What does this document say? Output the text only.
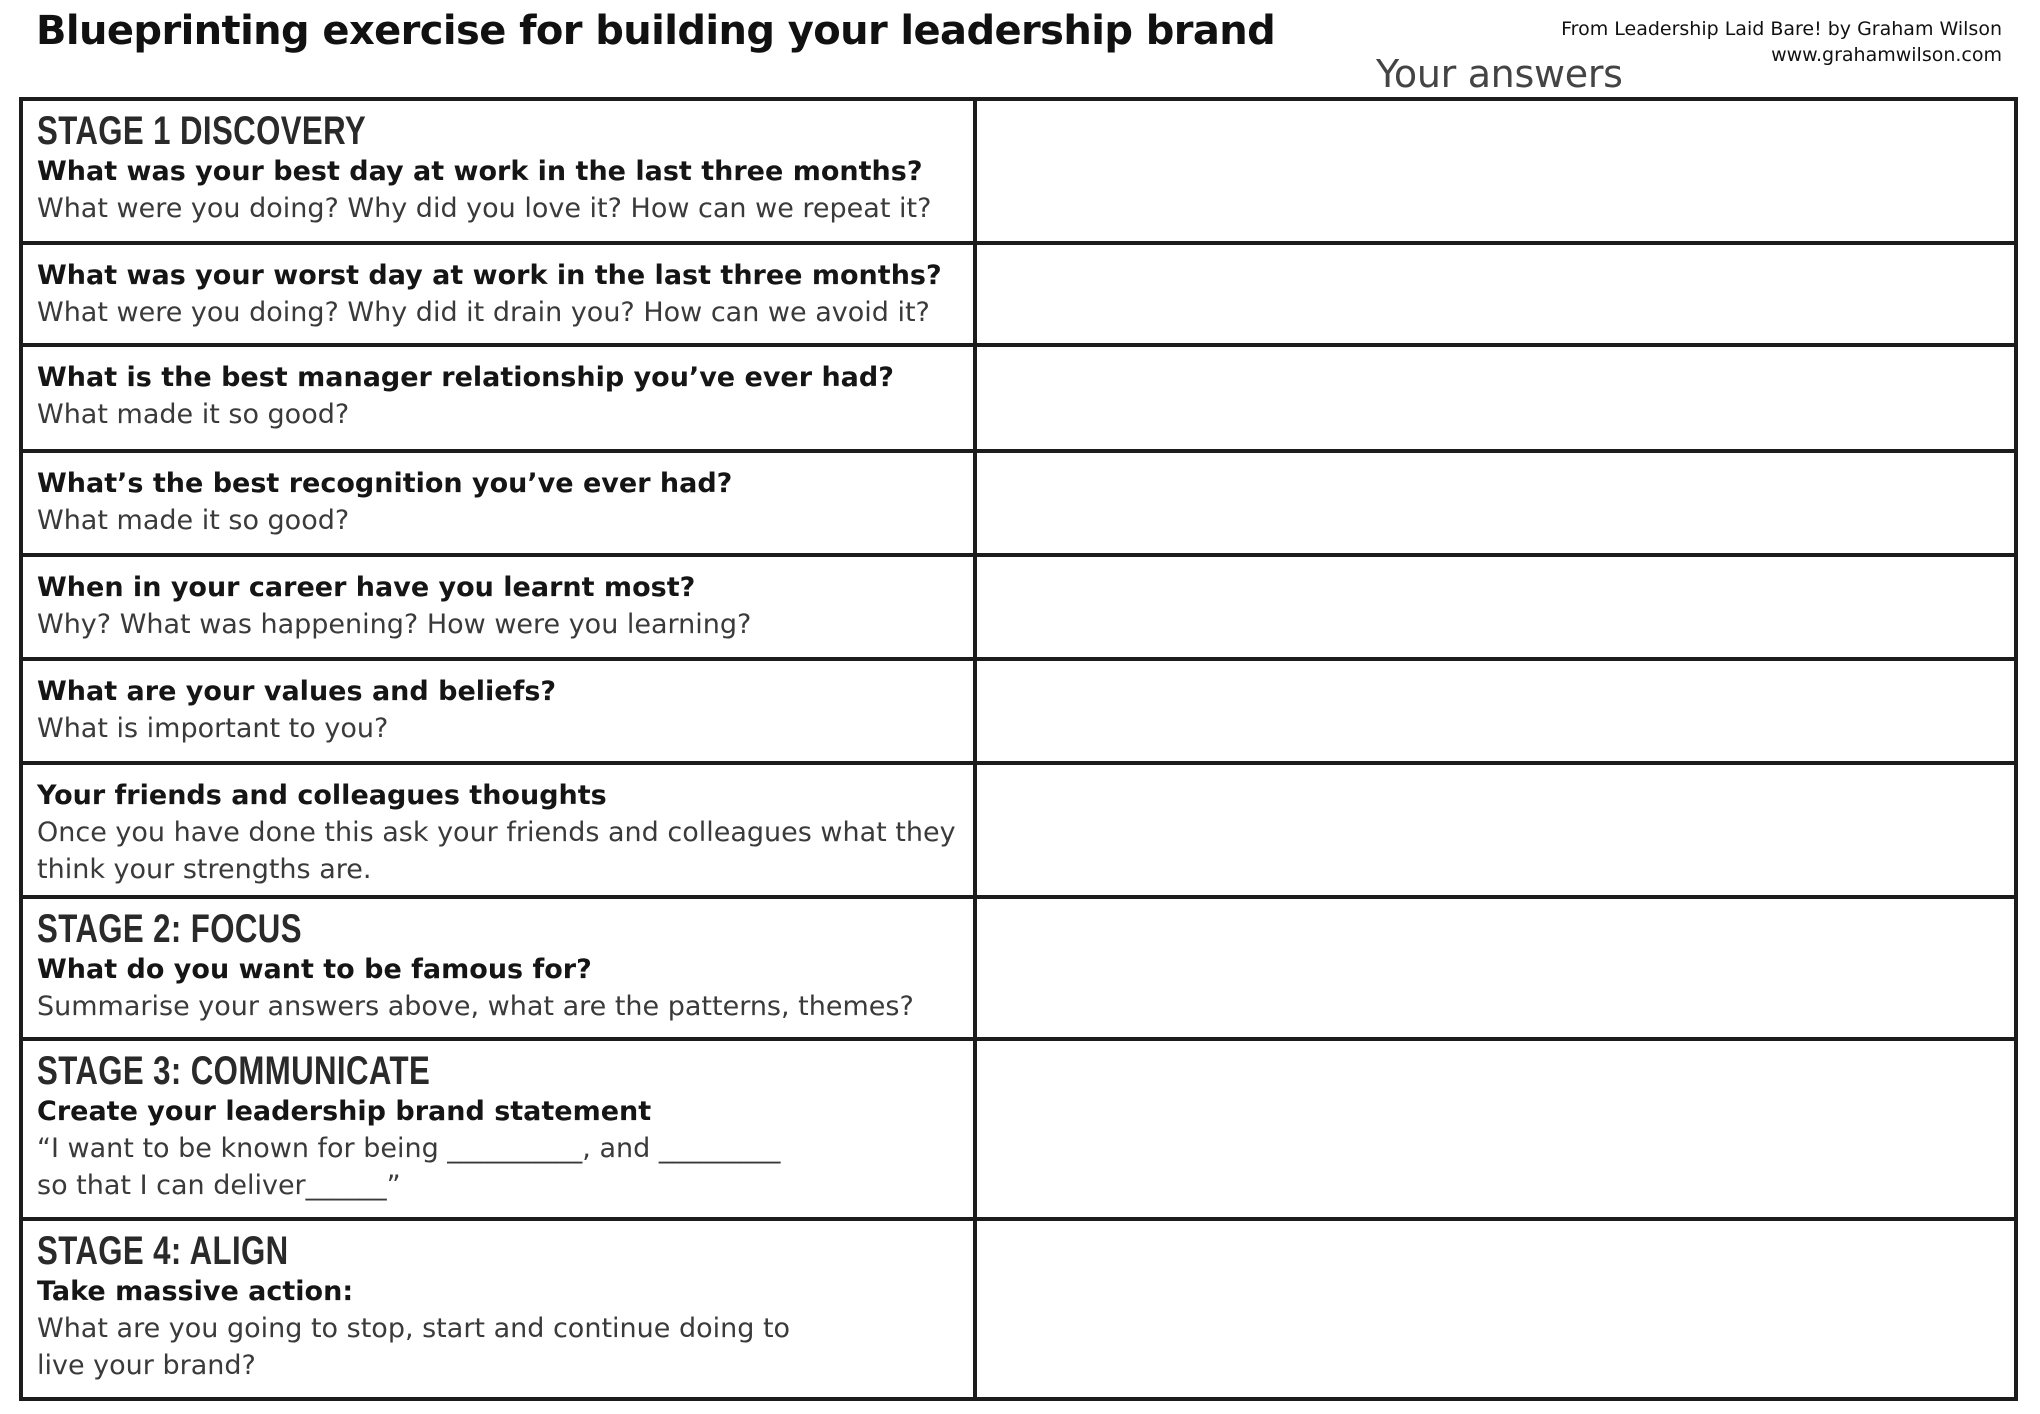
Blueprinting exercise for building your leadership brand	From Leadership Laid Bare! by Graham Wilson
www.grahamwilson.com
Your answers
STAGE 1 DISCOVERY
What was your best day at work in the last three months?
What were you doing? Why did you love it? How can we repeat it?	

What was your worst day at work in the last three months?
What were you doing? Why did it drain you? How can we avoid it?	

What is the best manager relationship you’ve ever had?
What made it so good?	

What’s the best recognition you’ve ever had?
What made it so good?	

When in your career have you learnt most?
Why? What was happening? How were you learning?	

What are your values and beliefs?
What is important to you?	

Your friends and colleagues thoughts
Once you have done this ask your friends and colleagues what they
think your strengths are.	

STAGE 2: FOCUS
What do you want to be famous for?
Summarise your answers above, what are the patterns, themes?	

STAGE 3: COMMUNICATE
Create your leadership brand statement
“I want to be known for being __________, and _________
so that I can deliver______”	

STAGE 4: ALIGN
Take massive action:
What are you going to stop, start and continue doing to
live your brand?	
